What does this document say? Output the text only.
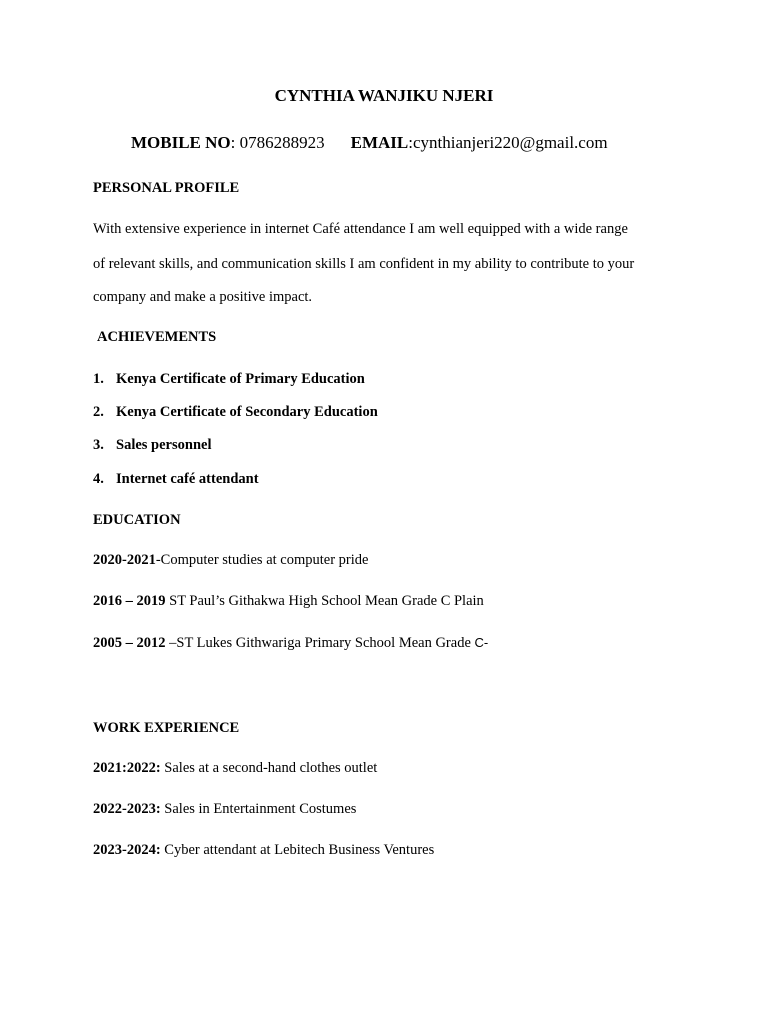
CYNTHIA WANJIKU NJERI

MOBILE NO: 0786288923 EMAIL:cynthianjeri220@gmail.com

PERSONAL PROFILE

With extensive experience in internet Café attendance I am well equipped with a wide range

of relevant skills, and communication skills I am confident in my ability to contribute to your

company and make a positive impact.

ACHIEVEMENTS

1. Kenya Certificate of Primary Education

2. Kenya Certificate of Secondary Education

3. Sales personnel

4. Internet café attendant

EDUCATION

2020-2021-Computer studies at computer pride

2016 – 2019 ST Paul’s Githakwa High School Mean Grade C Plain

2005 – 2012 –ST Lukes Githwariga Primary School Mean Grade C-

WORK EXPERIENCE

2021:2022: Sales at a second-hand clothes outlet

2022-2023: Sales in Entertainment Costumes

2023-2024: Cyber attendant at Lebitech Business Ventures
